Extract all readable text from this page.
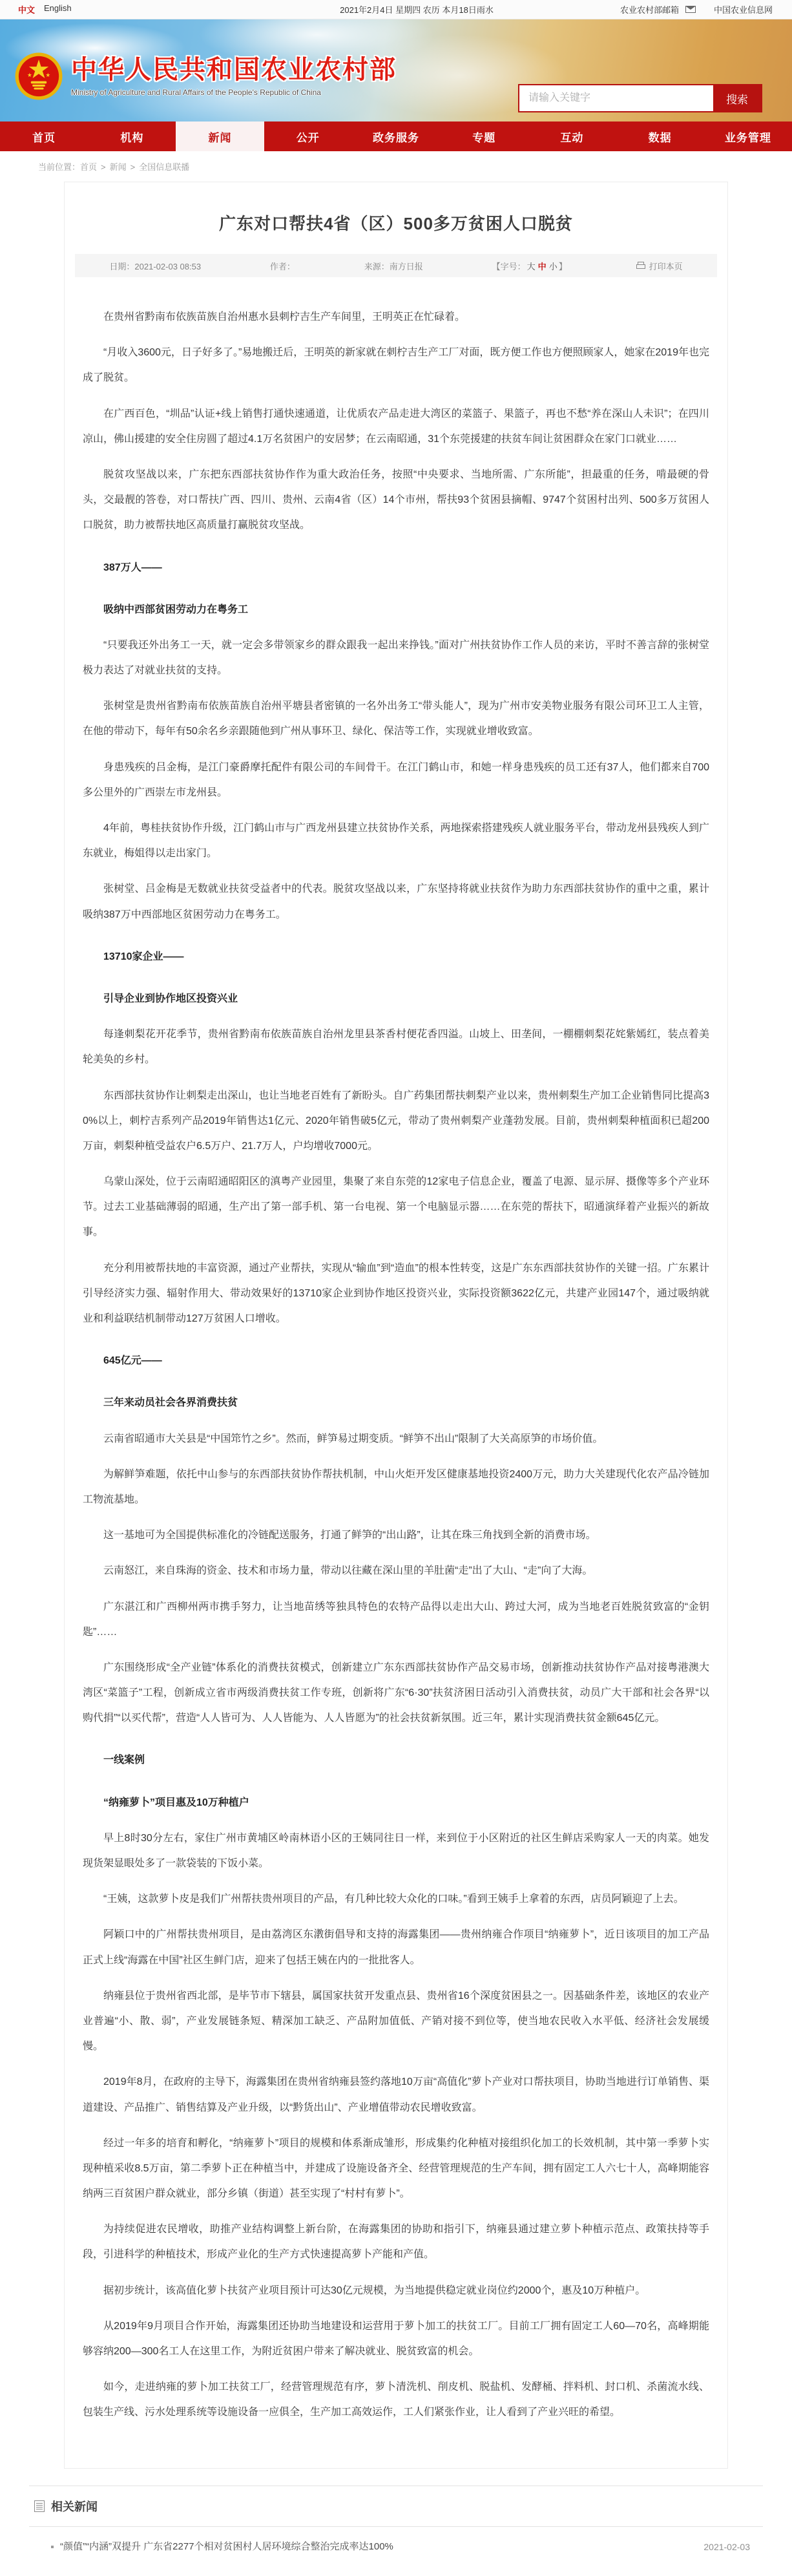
中文 English	2021年2月4日 星期四 农历 本月18日雨水	农业农村部邮箱	中国农业信息网
中华人民共和国农业农村部
Ministry of Agriculture and Rural Affairs of the People's Republic of China
请输入关键字
搜索
首页	机构	新闻	公开	政务服务	专题	互动	数据	业务管理
当前位置：首页 > 新闻 > 全国信息联播
广东对口帮扶4省（区）500多万贫困人口脱贫
日期：2021-02-03 08:53	作者：	来源：南方日报	【字号： 大 中 小 】	打印本页

在贵州省黔南布依族苗族自治州惠水县刺柠吉生产车间里，王明英正在忙碌着。

“月收入3600元，日子好多了。”易地搬迁后，王明英的新家就在刺柠吉生产工厂对面，既方便工作也方便照顾家人，她家在2019年也完成了脱贫。

在广西百色，“圳品”认证+线上销售打通快速通道，让优质农产品走进大湾区的菜篮子、果篮子，再也不愁“养在深山人未识”；在四川凉山，佛山援建的安全住房圆了超过4.1万名贫困户的安居梦；在云南昭通，31个东莞援建的扶贫车间让贫困群众在家门口就业……

脱贫攻坚战以来，广东把东西部扶贫协作作为重大政治任务，按照“中央要求、当地所需、广东所能”，担最重的任务，啃最硬的骨头，交最靓的答卷，对口帮扶广西、四川、贵州、云南4省（区）14个市州，帮扶93个贫困县摘帽、9747个贫困村出列、500多万贫困人口脱贫，助力被帮扶地区高质量打赢脱贫攻坚战。

387万人——

吸纳中西部贫困劳动力在粤务工

“只要我还外出务工一天，就一定会多带领家乡的群众跟我一起出来挣钱。”面对广州扶贫协作工作人员的来访，平时不善言辞的张树堂极力表达了对就业扶贫的支持。

张树堂是贵州省黔南布依族苗族自治州平塘县者密镇的一名外出务工“带头能人”，现为广州市安美物业服务有限公司环卫工人主管，在他的带动下，每年有50余名乡亲跟随他到广州从事环卫、绿化、保洁等工作，实现就业增收致富。

身患残疾的吕金梅，是江门豪爵摩托配件有限公司的车间骨干。在江门鹤山市，和她一样身患残疾的员工还有37人，他们都来自700多公里外的广西崇左市龙州县。

4年前，粤桂扶贫协作升级，江门鹤山市与广西龙州县建立扶贫协作关系，两地探索搭建残疾人就业服务平台，带动龙州县残疾人到广东就业，梅姐得以走出家门。

张树堂、吕金梅是无数就业扶贫受益者中的代表。脱贫攻坚战以来，广东坚持将就业扶贫作为助力东西部扶贫协作的重中之重，累计吸纳387万中西部地区贫困劳动力在粤务工。

13710家企业——

引导企业到协作地区投资兴业

每逢刺梨花开花季节，贵州省黔南布依族苗族自治州龙里县茶香村便花香四溢。山坡上、田垄间，一棚棚刺梨花姹紫嫣红，装点着美轮美奂的乡村。

东西部扶贫协作让刺梨走出深山，也让当地老百姓有了新盼头。自广药集团帮扶刺梨产业以来，贵州刺梨生产加工企业销售同比提高30%以上，刺柠吉系列产品2019年销售达1亿元、2020年销售破5亿元，带动了贵州刺梨产业蓬勃发展。目前，贵州刺梨种植面积已超200万亩，刺梨种植受益农户6.5万户、21.7万人，户均增收7000元。

乌蒙山深处，位于云南昭通昭阳区的滇粤产业园里，集聚了来自东莞的12家电子信息企业，覆盖了电源、显示屏、摄像等多个产业环节。过去工业基础薄弱的昭通，生产出了第一部手机、第一台电视、第一个电脑显示器……在东莞的帮扶下，昭通演绎着产业振兴的新故事。

充分利用被帮扶地的丰富资源，通过产业帮扶，实现从“输血”到“造血”的根本性转变，这是广东东西部扶贫协作的关键一招。广东累计引导经济实力强、辐射作用大、带动效果好的13710家企业到协作地区投资兴业，实际投资额3622亿元，共建产业园147个，通过吸纳就业和利益联结机制带动127万贫困人口增收。

645亿元——

三年来动员社会各界消费扶贫

云南省昭通市大关县是“中国筇竹之乡”。然而，鲜笋易过期变质。“鲜笋不出山”限制了大关高原笋的市场价值。

为解鲜笋难题，依托中山参与的东西部扶贫协作帮扶机制，中山火炬开发区健康基地投资2400万元，助力大关建现代化农产品冷链加工物流基地。

这一基地可为全国提供标准化的冷链配送服务，打通了鲜笋的“出山路”，让其在珠三角找到全新的消费市场。

云南怒江，来自珠海的资金、技术和市场力量，带动以往藏在深山里的羊肚菌“走”出了大山、“走”向了大海。

广东湛江和广西柳州两市携手努力，让当地苗绣等独具特色的农特产品得以走出大山、跨过大河，成为当地老百姓脱贫致富的“金钥匙”……

广东围绕形成“全产业链”体系化的消费扶贫模式，创新建立广东东西部扶贫协作产品交易市场，创新推动扶贫协作产品对接粤港澳大湾区“菜篮子”工程，创新成立省市两级消费扶贫工作专班，创新将广东“6·30”扶贫济困日活动引入消费扶贫，动员广大干部和社会各界“以购代捐”“以买代帮”，营造“人人皆可为、人人皆能为、人人皆愿为”的社会扶贫新氛围。近三年，累计实现消费扶贫金额645亿元。

一线案例

“纳雍萝卜”项目惠及10万种植户

早上8时30分左右，家住广州市黄埔区岭南林语小区的王姨同往日一样，来到位于小区附近的社区生鲜店采购家人一天的肉菜。她发现货架显眼处多了一款袋装的下饭小菜。

“王姨，这款萝卜皮是我们广州帮扶贵州项目的产品，有几种比较大众化的口味。”看到王姨手上拿着的东西，店员阿颖迎了上去。

阿颖口中的广州帮扶贵州项目，是由荔湾区东漖街倡导和支持的海露集团——贵州纳雍合作项目“纳雍萝卜”，近日该项目的加工产品正式上线“海露在中国”社区生鲜门店，迎来了包括王姨在内的一批批客人。

纳雍县位于贵州省西北部，是毕节市下辖县，属国家扶贫开发重点县、贵州省16个深度贫困县之一。因基础条件差，该地区的农业产业普遍“小、散、弱”，产业发展链条短、精深加工缺乏、产品附加值低、产销对接不到位等，使当地农民收入水平低、经济社会发展缓慢。

2019年8月，在政府的主导下，海露集团在贵州省纳雍县签约落地10万亩“高值化”萝卜产业对口帮扶项目，协助当地进行订单销售、渠道建设、产品推广、销售结算及产业升级，以“黔货出山”、产业增值带动农民增收致富。

经过一年多的培育和孵化，“纳雍萝卜”项目的规模和体系渐成雏形，形成集约化种植对接组织化加工的长效机制，其中第一季萝卜实现种植采收8.5万亩，第二季萝卜正在种植当中，并建成了设施设备齐全、经营管理规范的生产车间，拥有固定工人六七十人，高峰期能容纳两三百贫困户群众就业，部分乡镇（街道）甚至实现了“村村有萝卜”。

为持续促进农民增收，助推产业结构调整上新台阶，在海露集团的协助和指引下，纳雍县通过建立萝卜种植示范点、政策扶持等手段，引进科学的种植技术，形成产业化的生产方式快速提高萝卜产能和产值。

据初步统计，该高值化萝卜扶贫产业项目预计可达30亿元规模，为当地提供稳定就业岗位约2000个，惠及10万种植户。

从2019年9月项目合作开始，海露集团还协助当地建设和运营用于萝卜加工的扶贫工厂。目前工厂拥有固定工人60—70名，高峰期能够容纳200—300名工人在这里工作，为附近贫困户带来了解决就业、脱贫致富的机会。

如今，走进纳雍的萝卜加工扶贫工厂，经营管理规范有序，萝卜清洗机、削皮机、脱盐机、发酵桶、拌料机、封口机、杀菌流水线、包装生产线、污水处理系统等设施设备一应俱全，生产加工高效运作，工人们紧张作业，让人看到了产业兴旺的希望。

相关新闻
“颜值”“内涵”双提升 广东省2277个相对贫困村人居环境综合整治完成率达100%	2021-02-03
